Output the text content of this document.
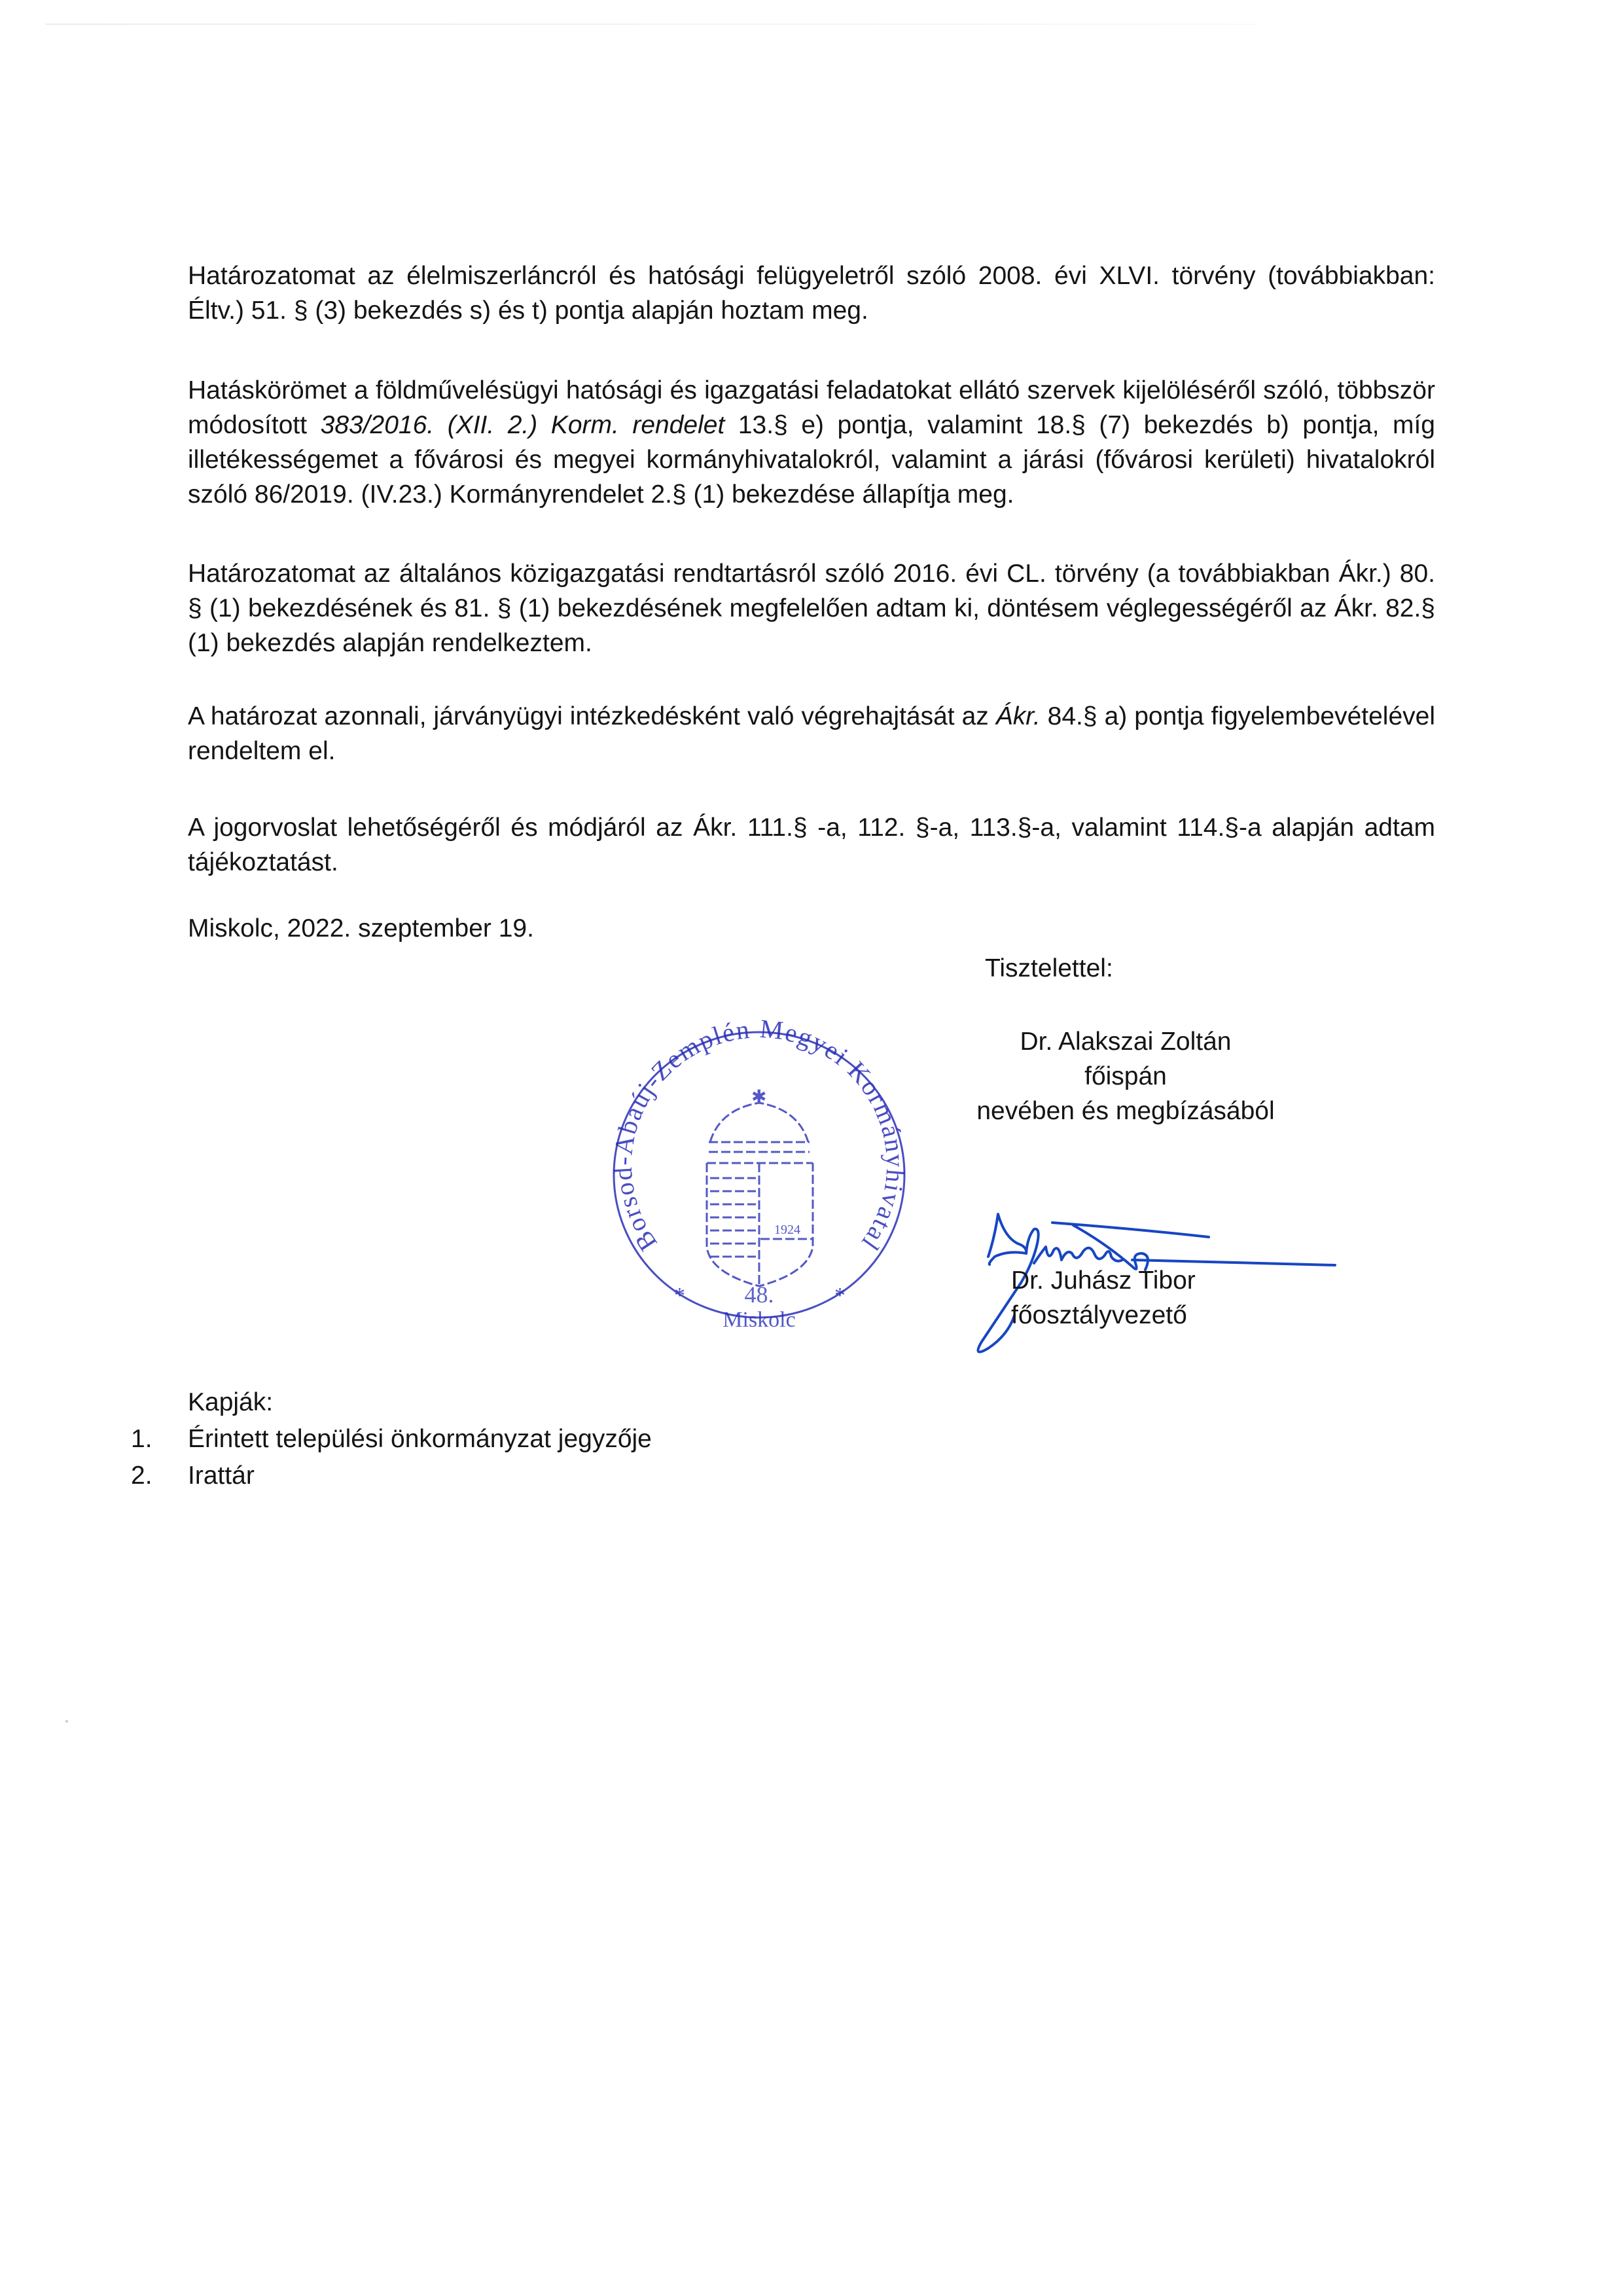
Határozatomat az élelmiszerláncról és hatósági felügyeletről szóló 2008. évi XLVI. törvény (továbbiakban: Éltv.) 51. § (3) bekezdés s) és t) pontja alapján hoztam meg.
Hatáskörömet a földművelésügyi hatósági és igazgatási feladatokat ellátó szervek kijelöléséről szóló, többször módosított 383/2016. (XII. 2.) Korm. rendelet 13.§ e) pontja, valamint 18.§ (7) bekezdés b) pontja, míg illetékességemet a fővárosi és megyei kormányhivatalokról, valamint a járási (fővárosi kerületi) hivatalokról szóló 86/2019. (IV.23.) Kormányrendelet 2.§ (1) bekezdése állapítja meg.
Határozatomat az általános közigazgatási rendtartásról szóló 2016. évi CL. törvény (a továbbiakban Ákr.) 80. § (1) bekezdésének és 81. § (1) bekezdésének megfelelően adtam ki, döntésem véglegességéről az Ákr. 82.§ (1) bekezdés alapján rendelkeztem.
A határozat azonnali, járványügyi intézkedésként való végrehajtását az Ákr. 84.§ a) pontja figyelembevételével rendeltem el.
A jogorvoslat lehetőségéről és módjáról az Ákr. 111.§ -a, 112. §-a, 113.§-a, valamint 114.§-a alapján adtam tájékoztatást.
Miskolc, 2022. szeptember 19.
Tisztelettel:
Dr. Alakszai Zoltán
főispán
nevében és megbízásából
Borsod-Abaúj-Zemplén Megyei Kormányhivatal
✱
1924
*	*
48.
Miskolc
Dr. Juhász Tibor
főosztályvezető
Kapják:
1.	Érintett települési önkormányzat jegyzője
2.	Irattár
